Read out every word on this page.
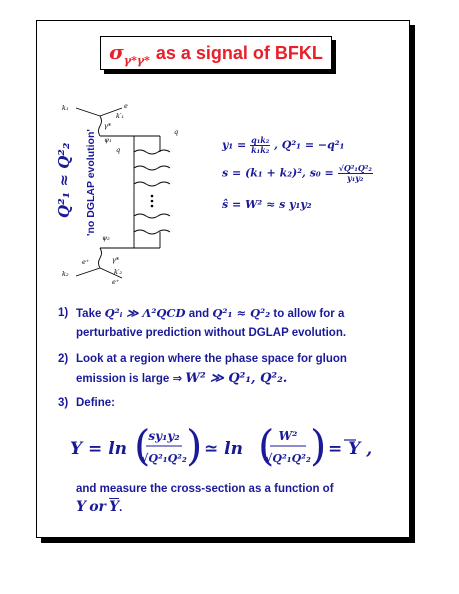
$\sigma_{\gamma*\gamma*}$ as a signal of BFKL
k₁	e
γ*
k′₁
ψ₁
q
q
k₂
e⁺	γ*
k′₂
ψ₂
e⁺
Q²₁ ≈ Q²₂ 'no DGLAP evolution'	$y_1 = \frac{\text{q₁k₂}}{\text{k₁k₂}}$ , Q²₁ = −q²₁
s = (k₁ + k₂)², $s_0 = \frac{\text{√Q²₁Q²₂}}{\text{y₁y₂}}$
ŝ = W² ≈ s y₁y₂
1) Take Q²ᵢ ≫ Λ²QCD and Q²₁ ≈ Q²₂ to allow for a
perturbative prediction without DGLAP evolution.
2) Look at a region where the phase space for gluon
emission is large ⇒ W² ≫ Q²₁, Q²₂.
3) Define:
Y = ln (
sy₁y₂
√Q²₁Q²₂ ) ≃ ln ( W²
√Q²₁Q²₂ ) = Y ,
and measure the cross-section as a function of
Y or $\overline{Y}$.
